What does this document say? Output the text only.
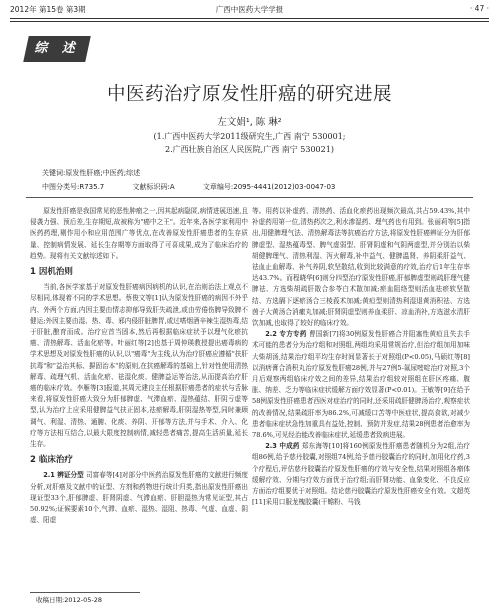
2012年 第15卷 第3期	广西中医药大学学报	· 47 ·
综 述
中医药治疗原发性肝癌的研究进展
左文娟¹, 陈 琳²
(1.广西中医药大学2011级研究生,广西 南宁 530001;
2.广西壮族自治区人民医院,广西 南宁 530021)
关键词:原发性肝癌;中医药;综述
中图分类号:R735.7	文献标识码:A	文章编号:2095-4441(2012)03-0047-03

原发性肝癌是我国常见的恶性肿瘤之一,因其起病隐匿,病情进展迅速,且侵袭力强、预后差,生存期短,故被称为"癌中之王"。近年来,各医学家利用中医药药理,剔作用小和应用范围广等优点,在改善原发性肝癌患者的生存质量、控制病情发展、延长生存期等方面取得了可喜成果,成为了临床治疗的趋势。现将有关文献综述如下。

1 因机治则

当前,各医学家基于对原发性肝癌病因病机的认识,在治则治法上观点不尽相同,体现着不同的学术思想。蔡俊文等[1]认为原发性肝癌的病因不外乎内、外两个方面,内因主要由情志抑郁导致肝失疏泄,或由劳倦伤脾导致脾不健运;外因主要由湿、热、毒、邪内侵肝脏脾胃,或过嗜烟酒辛辣生湿热毒,结于肝脏,酿育而成。治疗应首当固本,然后再根据临床症状予以理气化瘀抗癌、清热解毒、活血化瘀等。叶丽红等[2]也基于周仲瑛教授提出癌毒病的学术思想及对原发性肝癌的认识,以"癌毒"为主线,认为治疗肝癌应遵循"扶肝抗毒"和"益治其标、摒固治本"的原则,在抗癌解毒的基础上,针对性使用清热解毒、疏理气机、活血化瘀、祛湿化痰、健脾益运等治法,从而提高治疗肝癌的临床疗效。李雁等[3]报道,其周元建良主任根据肝癌患者的症状与舌脉来看,将原发性肝癌大致分为肝郁脾虚、气滞血瘀、湿热蕴结、肝阴亏虚等型,认为治疗上应采用健脾益气扶正固本,祛瘀解毒,肝阴湿热等型,同时兼顾调气、利湿、清热、通腑、化痰、养阴、开郁等方法,并与手术、介入、化疗等方法相互结合,以最大限度控制病情,减轻患者痛苦,提高生活质量,延长生存。

2 临床治疗

2.1 辨证分型 司富春等[4]对部分中医药治原发性肝癌的文献进行频度分析,对肝癌及文献中的证型、方剂和药物进行统计归类,指出原发性肝癌出现证型33个,肝郁脾虚、肝肾阴虚、气滞血瘀、肝胆湿热为常见证型,其占50.92%;证候要素10个,气滞、血瘀、湿热、湿阻、热毒、气虚、血虚、阴虚、阳虚

等。用药以补虚药、清热药、活血化瘀药出现频次最高,共占59.43%,其中补虚药用第一位,清热药次之,利水渗湿药、理气药也有用到。张丽莉等[5]指出,用健脾理气法、清热解毒法等抗癌治疗方法,将原发性肝癌辨证分为肝郁脾虚型、湿热蕴毒型、脾气虚弱型、肝肾阴虚和气阴两虚型,并分别治以柴胡健脾理气、清热利湿、泻火解毒,补中益气、健脾温肾、养阴柔肝益气、祛血止血解毒、补气养阴,软坚散结,收到比较满意的疗效,治疗后1年生存率达43.7%。而程晓华[6]则分四型治疗原发性肝癌,肝郁脾虚型则疏肝理气健脾祛、方选柴胡疏肝散合参苓白术散加减;瘀血阻络型则活血祛瘀软坚散结、方选膈下逐瘀汤合三棱莪术加减;黄疸型则清热利湿退黄消积祛、方选茵子大黄汤合消瘰丸加减;肝肾阴虚型则养血柔肝、凉血消补,方选滋水清肝饮加减,也取得了较好的临床疗效。

2.2 专方专药 曹国新[7]将30例原发性肝癌合并阻塞性黄疸且失去手术可能的患者分为治疗组和对照组,两组均采用常规治疗,但治疗组加用加味大柴胡汤,结果治疗组平均生存时间显著长于对照组(P<0.05),马硕红等[8]以消痞膏合消积丸治疗原发性肝癌28例,并与27例5-氟尿嘧啶治疗对照,3个月后观察两组临床疗效之间的差异,结果治疗组较对照组在肝区疼痛、腹胀、纳差、乏力等临床症状缓解方面疗效显著(P<0.01)。王敏等[9]在给予58例原发性肝癌患者西医对症治疗的同时,还采用疏肝健脾汤治疗,观察症状的改善情况,结果疏肝率为86.2%,可减缓口苦等中医症状,提高食欲,对减少患者临床症状急性加重具有益处,控制、预防并发症,结果28例患者治愈率为78.6%,可见经治能改善临床症状,延缓患者致病进展。

2.3 中成药 郑东海等[10]将160例原发性肝癌患者随机分为2组,治疗组86例,给予慈丹胶囊,对照组74例,给予慈丹胶囊治疗的同时,加用化疗药,3个疗程后,评估慈丹胶囊治疗原发性肝癌的疗效与安全性,结果对照组各瘤体缓解疗效、分期与疗效方面优于治疗组;而肝肾功能、血象变化、不良反应方面治疗组要优于对照组。结论慈丹胶囊治疗原发性肝癌安全有效。文超英[11]采用口服龙槐胶囊(干蟾粉、马钱

收稿日期:2012-05-28
